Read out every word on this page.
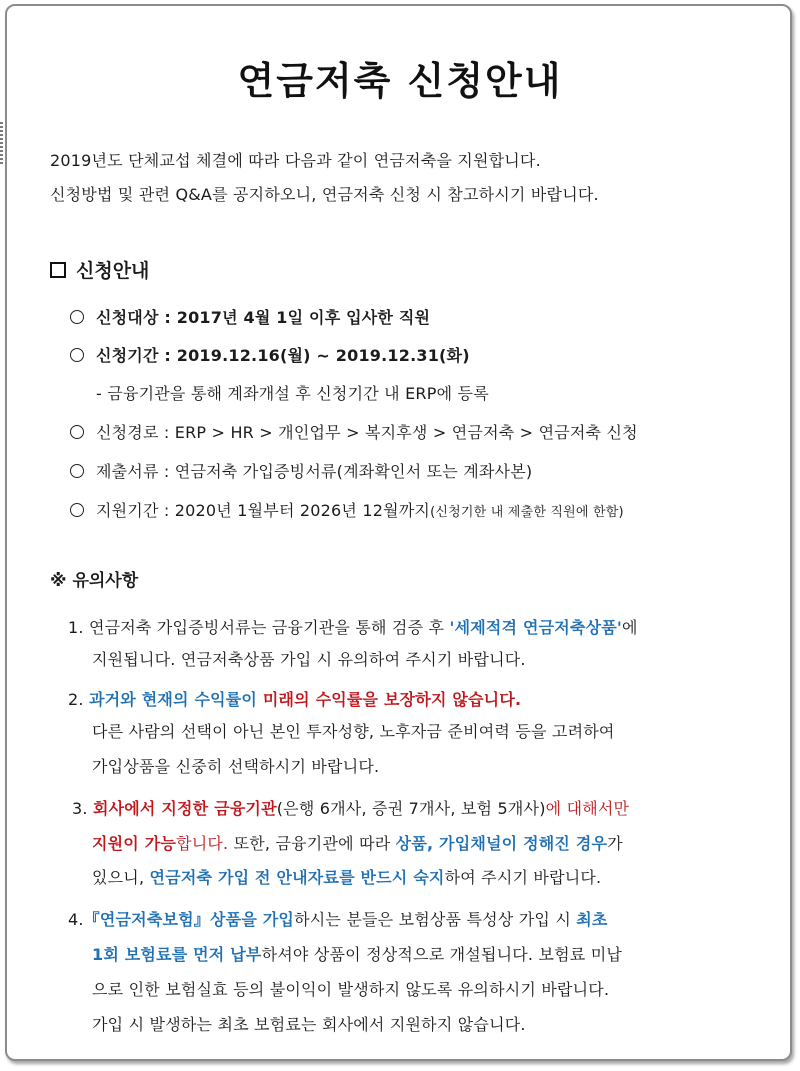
연금저축 신청안내
2019년도 단체교섭 체결에 따라 다음과 같이 연금저축을 지원합니다.
신청방법 및 관련 Q&A를 공지하오니, 연금저축 신청 시 참고하시기 바랍니다.
신청안내
신청대상 : 2017년 4월 1일 이후 입사한 직원
신청기간 : 2019.12.16(월) ~ 2019.12.31(화)
- 금융기관을 통해 계좌개설 후 신청기간 내 ERP에 등록
신청경로 : ERP > HR > 개인업무 > 복지후생 > 연금저축 > 연금저축 신청
제출서류 : 연금저축 가입증빙서류(계좌확인서 또는 계좌사본)
지원기간 : 2020년 1월부터 2026년 12월까지(신청기한 내 제출한 직원에 한함)
※ 유의사항
1. 연금저축 가입증빙서류는 금융기관을 통해 검증 후 '세제적격 연금저축상품'에
지원됩니다. 연금저축상품 가입 시 유의하여 주시기 바랍니다.
2. 과거와 현재의 수익률이 미래의 수익률을 보장하지 않습니다.
다른 사람의 선택이 아닌 본인 투자성향, 노후자금 준비여력 등을 고려하여
가입상품을 신중히 선택하시기 바랍니다.
3. 회사에서 지정한 금융기관(은행 6개사, 증권 7개사, 보험 5개사)에 대해서만
지원이 가능합니다. 또한, 금융기관에 따라 상품, 가입채널이 정해진 경우가
있으니, 연금저축 가입 전 안내자료를 반드시 숙지하여 주시기 바랍니다.
4.『연금저축보험』상품을 가입하시는 분들은 보험상품 특성상 가입 시 최초
1회 보험료를 먼저 납부하셔야 상품이 정상적으로 개설됩니다. 보험료 미납
으로 인한 보험실효 등의 불이익이 발생하지 않도록 유의하시기 바랍니다.
가입 시 발생하는 최초 보험료는 회사에서 지원하지 않습니다.
